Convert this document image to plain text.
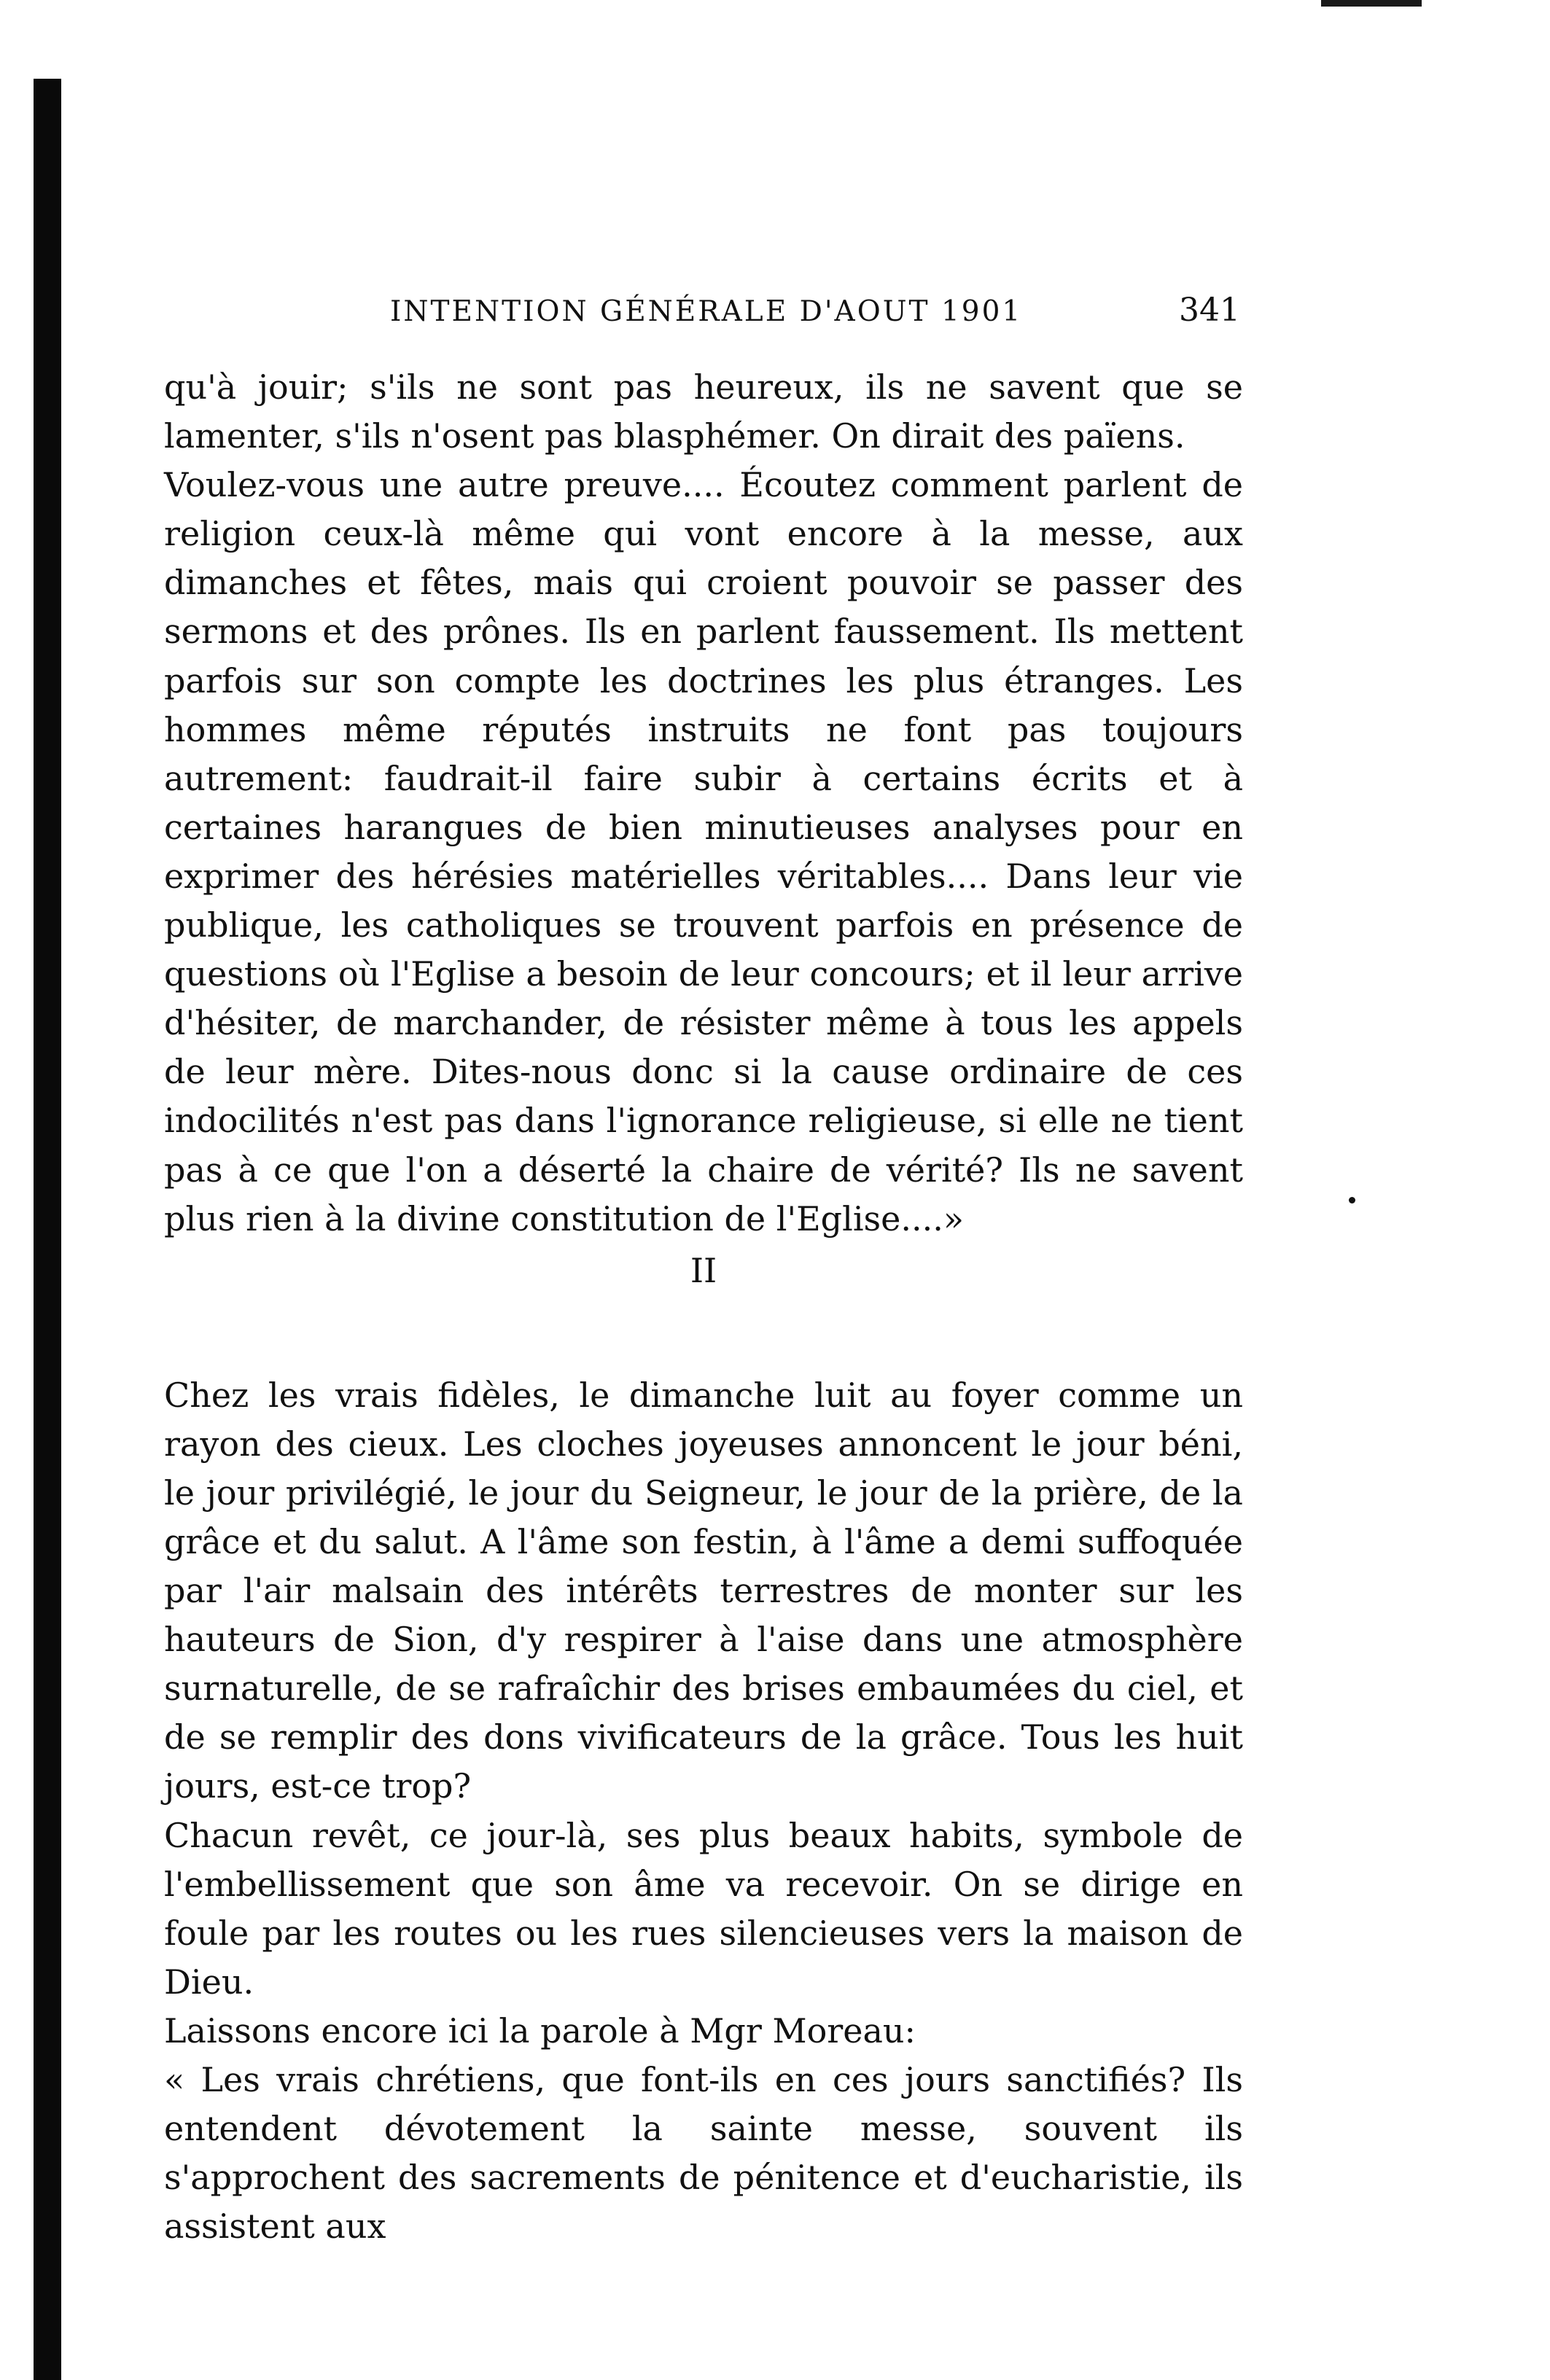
INTENTION GÉNÉRALE D'AOUT 1901	341

qu'à jouir; s'ils ne sont pas heureux, ils ne savent que se lamenter, s'ils n'osent pas blasphémer. On dirait des païens.

Voulez-vous une autre preuve.... Écoutez comment parlent de religion ceux-là même qui vont encore à la messe, aux dimanches et fêtes, mais qui croient pouvoir se passer des sermons et des prônes. Ils en parlent faussement. Ils mettent parfois sur son compte les doctrines les plus étranges. Les hommes même réputés instruits ne font pas toujours autrement: faudrait-il faire subir à certains écrits et à certaines harangues de bien minutieuses analyses pour en exprimer des hérésies matérielles véritables.... Dans leur vie publique, les catholiques se trouvent parfois en présence de questions où l'Eglise a besoin de leur concours; et il leur arrive d'hésiter, de marchander, de résister même à tous les appels de leur mère. Dites-nous donc si la cause ordinaire de ces indocilités n'est pas dans l'ignorance religieuse, si elle ne tient pas à ce que l'on a déserté la chaire de vérité? Ils ne savent plus rien à la divine constitution de l'Eglise....»

II

Chez les vrais fidèles, le dimanche luit au foyer comme un rayon des cieux. Les cloches joyeuses annoncent le jour béni, le jour privilégié, le jour du Seigneur, le jour de la prière, de la grâce et du salut. A l'âme son festin, à l'âme a demi suffoquée par l'air malsain des intérêts terrestres de monter sur les hauteurs de Sion, d'y respirer à l'aise dans une atmosphère surnaturelle, de se rafraîchir des brises embaumées du ciel, et de se remplir des dons vivificateurs de la grâce. Tous les huit jours, est-ce trop?

Chacun revêt, ce jour-là, ses plus beaux habits, symbole de l'embellissement que son âme va recevoir. On se dirige en foule par les routes ou les rues silencieuses vers la maison de Dieu.

Laissons encore ici la parole à Mgr Moreau:

« Les vrais chrétiens, que font-ils en ces jours sanctifiés? Ils entendent dévotement la sainte messe, souvent ils s'approchent des sacrements de pénitence et d'eucharistie, ils assistent aux
